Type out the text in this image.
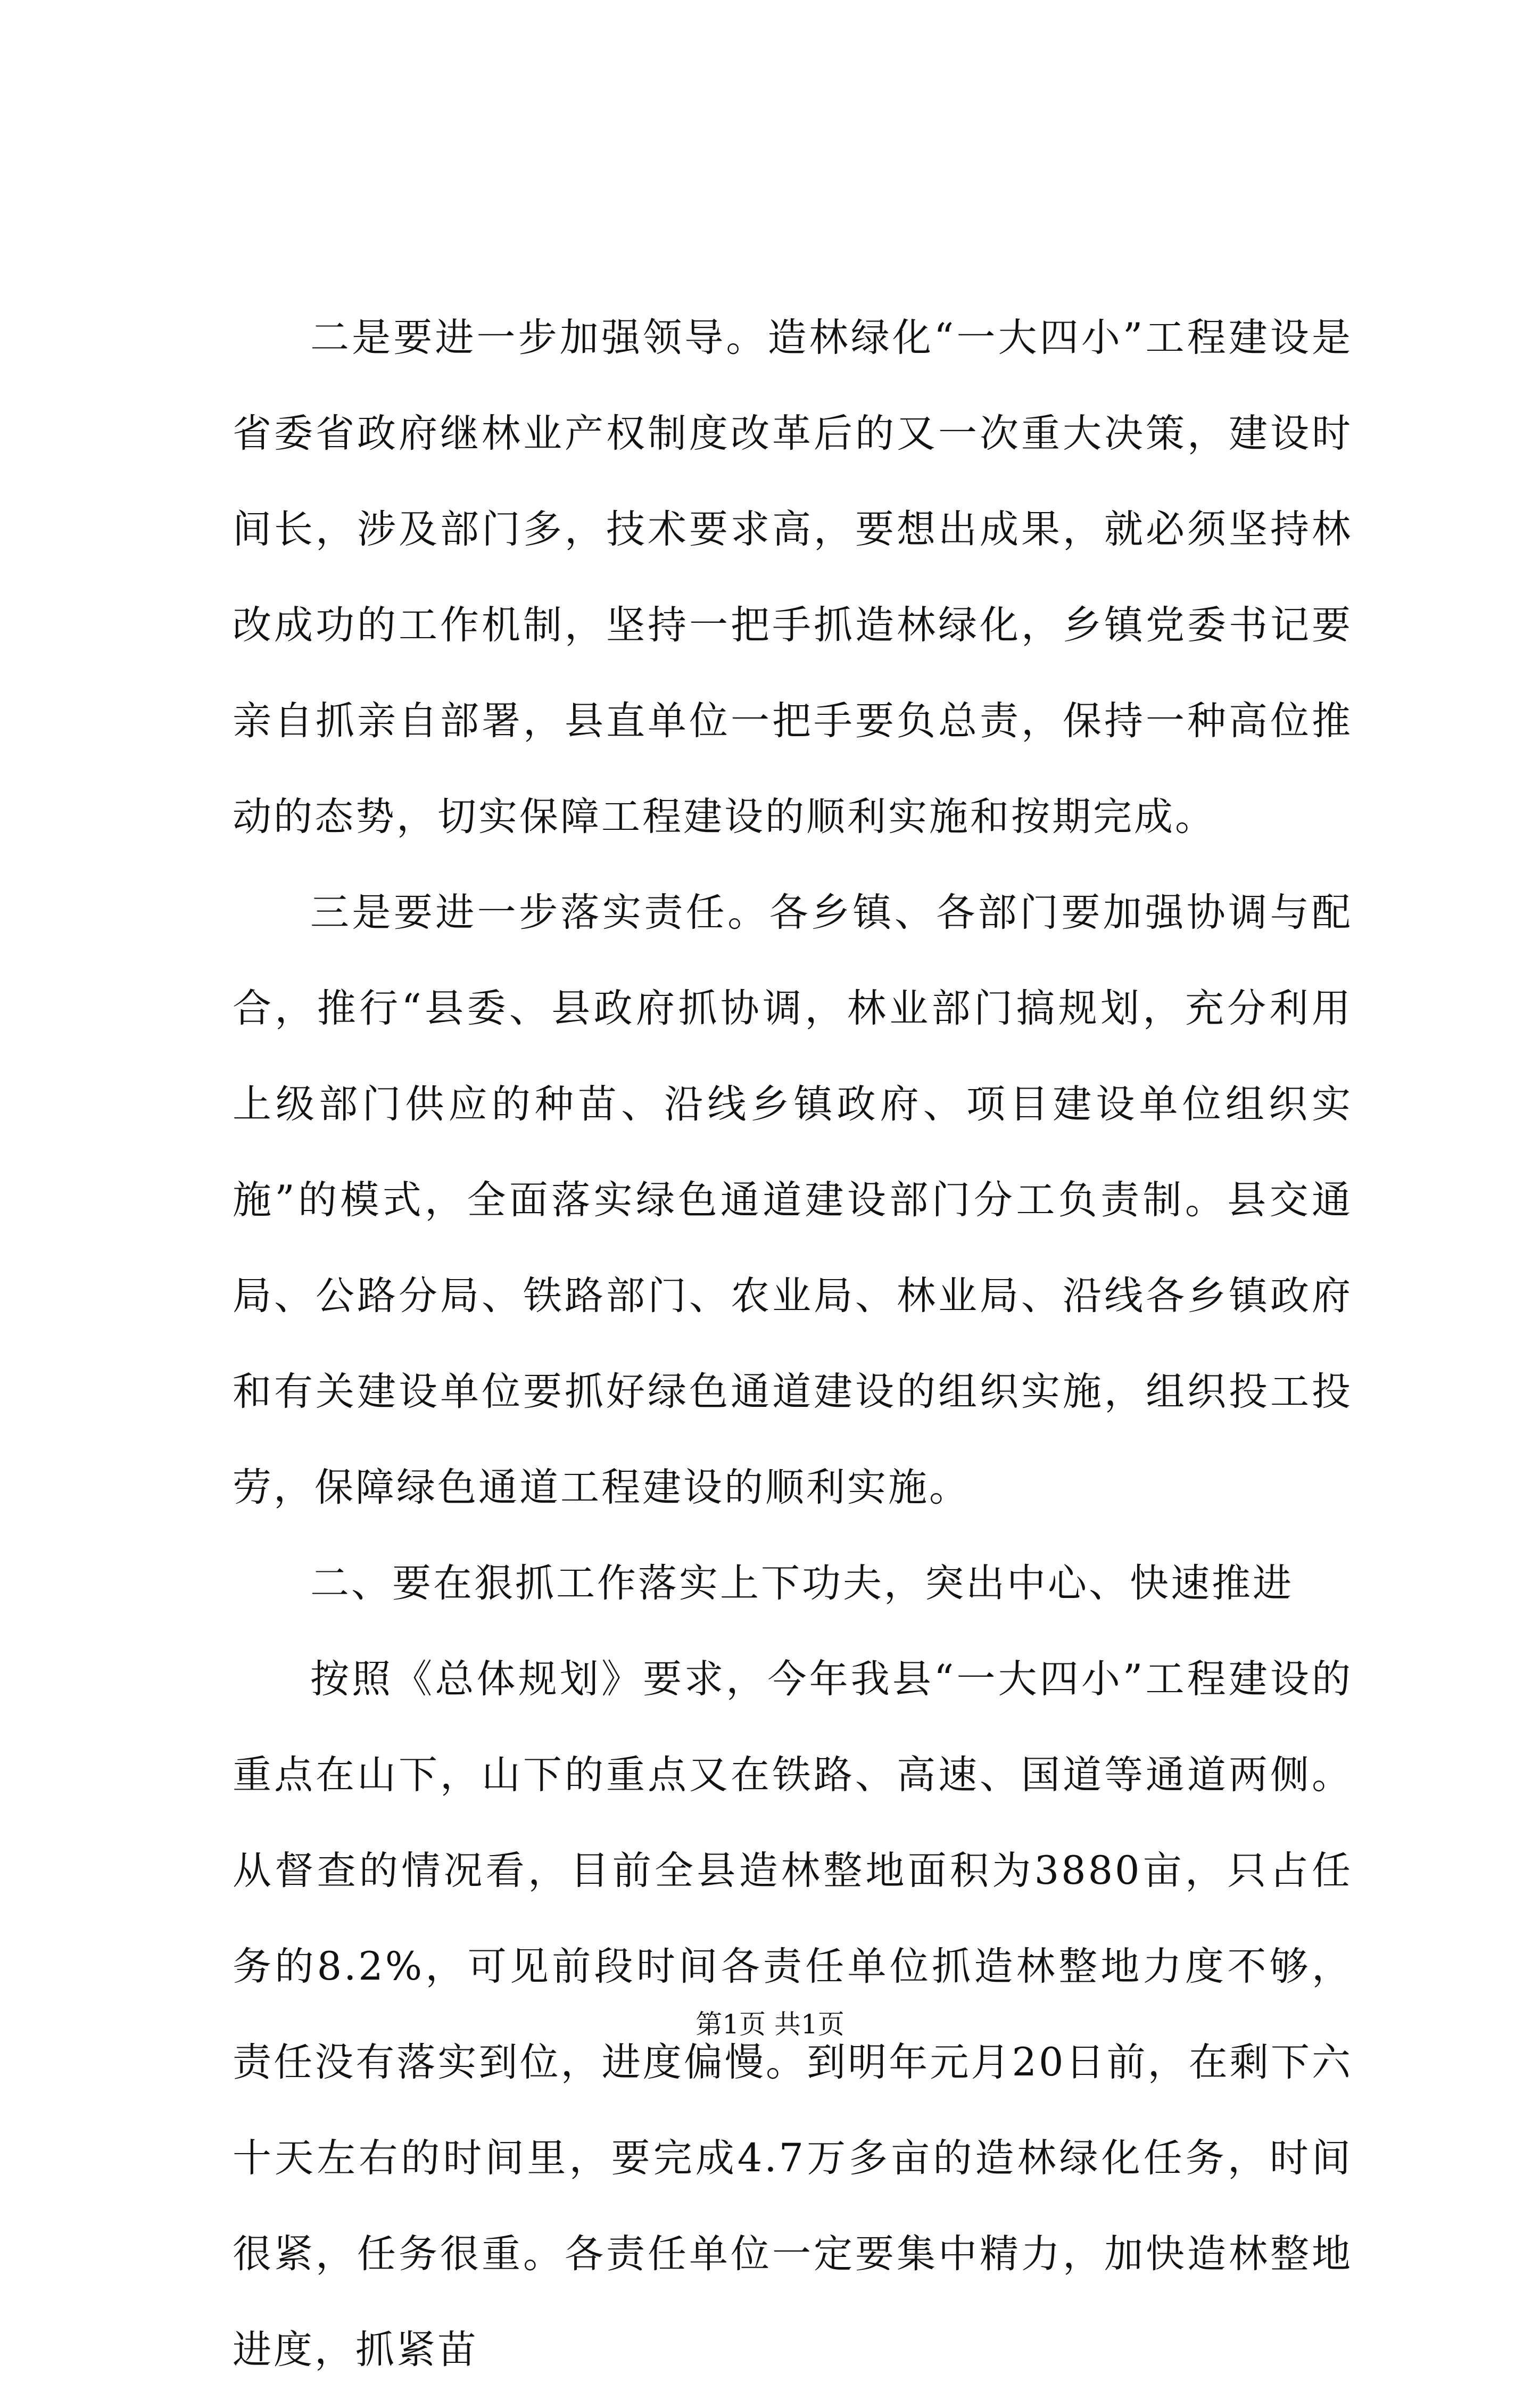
二是要进一步加强领导。造林绿化“一大四小”工程建设是省委省政府继林业产权制度改革后的又一次重大决策，建设时间长，涉及部门多，技术要求高，要想出成果，就必须坚持林改成功的工作机制，坚持一把手抓造林绿化，乡镇党委书记要亲自抓亲自部署，县直单位一把手要负总责，保持一种高位推动的态势，切实保障工程建设的顺利实施和按期完成。

三是要进一步落实责任。各乡镇、各部门要加强协调与配合，推行“县委、县政府抓协调，林业部门搞规划，充分利用上级部门供应的种苗、沿线乡镇政府、项目建设单位组织实施”的模式，全面落实绿色通道建设部门分工负责制。县交通局、公路分局、铁路部门、农业局、林业局、沿线各乡镇政府和有关建设单位要抓好绿色通道建设的组织实施，组织投工投劳，保障绿色通道工程建设的顺利实施。

二、要在狠抓工作落实上下功夫，突出中心、快速推进

按照《总体规划》要求，今年我县“一大四小”工程建设的重点在山下，山下的重点又在铁路、高速、国道等通道两侧。从督查的情况看，目前全县造林整地面积为3880亩，只占任务的8.2%，可见前段时间各责任单位抓造林整地力度不够，责任没有落实到位，进度偏慢。到明年元月20日前，在剩下六十天左右的时间里，要完成4.7万多亩的造林绿化任务，时间很紧，任务很重。各责任单位一定要集中精力，加快造林整地进度，抓紧苗

第1页 共1页
